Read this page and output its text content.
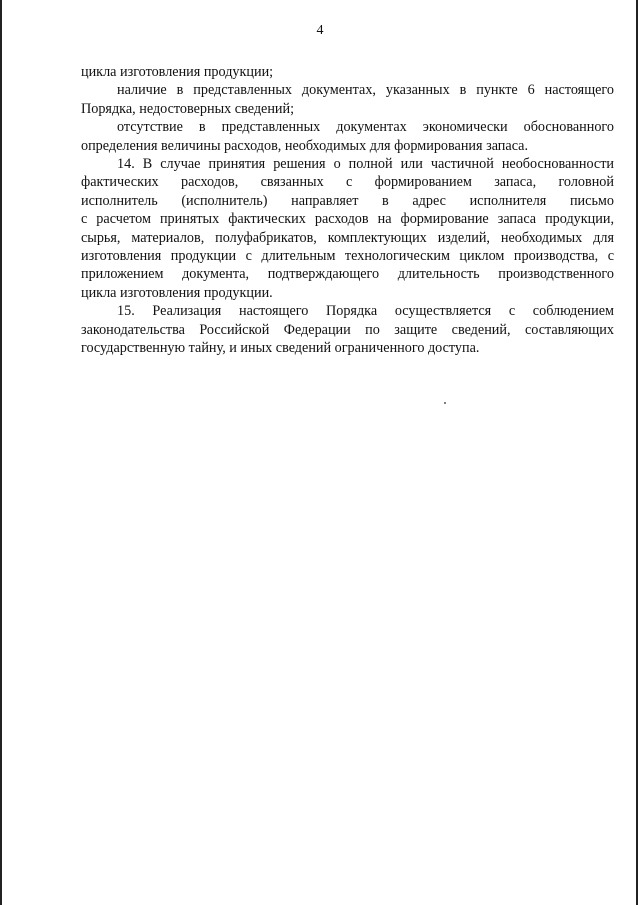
4
цикла изготовления продукции;
наличие в представленных документах, указанных в пункте 6 настоящего
Порядка, недостоверных сведений;
отсутствие в представленных документах экономически обоснованного
определения величины расходов, необходимых для формирования запаса.
14. В случае принятия решения о полной или частичной необоснованности
фактических расходов, связанных с формированием запаса, головной
исполнитель (исполнитель) направляет в адрес исполнителя письмо
с расчетом принятых фактических расходов на формирование запаса продукции,
сырья, материалов, полуфабрикатов, комплектующих изделий, необходимых для
изготовления продукции с длительным технологическим циклом производства, с
приложением документа, подтверждающего длительность производственного
цикла изготовления продукции.
15. Реализация настоящего Порядка осуществляется с соблюдением
законодательства Российской Федерации по защите сведений, составляющих
государственную тайну, и иных сведений ограниченного доступа.
